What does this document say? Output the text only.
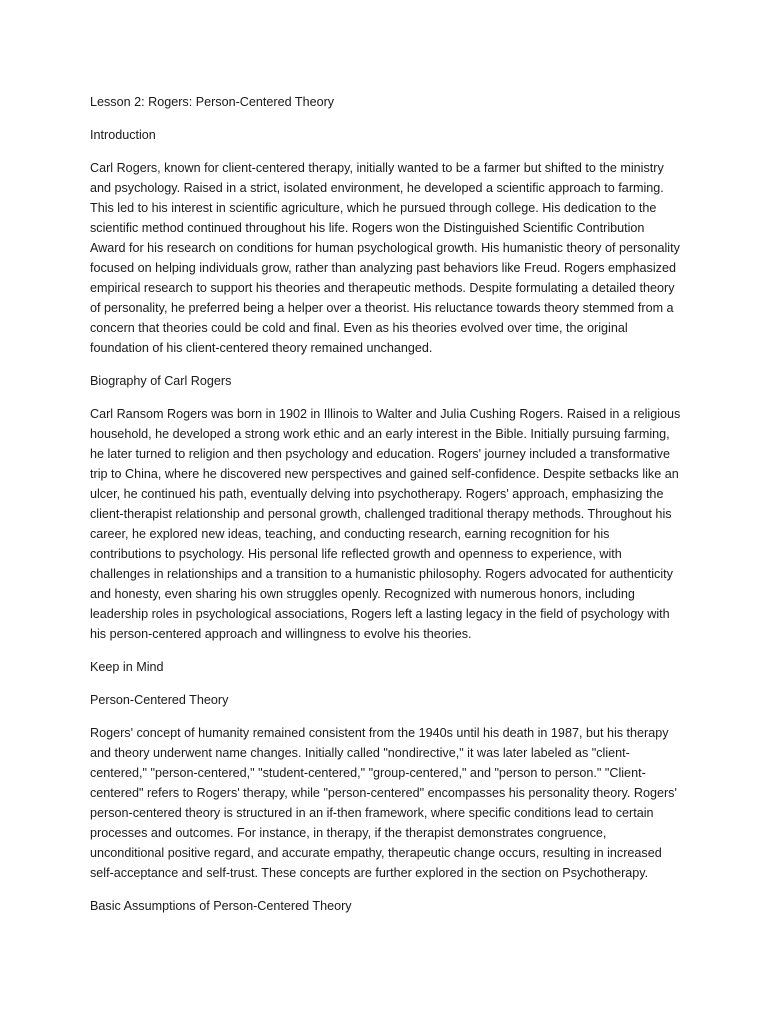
Lesson 2: Rogers: Person-Centered Theory

Introduction

Carl Rogers, known for client-centered therapy, initially wanted to be a farmer but shifted to the ministry and psychology. Raised in a strict, isolated environment, he developed a scientific approach to farming. This led to his interest in scientific agriculture, which he pursued through college. His dedication to the scientific method continued throughout his life. Rogers won the Distinguished Scientific Contribution Award for his research on conditions for human psychological growth. His humanistic theory of personality focused on helping individuals grow, rather than analyzing past behaviors like Freud. Rogers emphasized empirical research to support his theories and therapeutic methods. Despite formulating a detailed theory of personality, he preferred being a helper over a theorist. His reluctance towards theory stemmed from a concern that theories could be cold and final. Even as his theories evolved over time, the original foundation of his client-centered theory remained unchanged.

Biography of Carl Rogers

Carl Ransom Rogers was born in 1902 in Illinois to Walter and Julia Cushing Rogers. Raised in a religious household, he developed a strong work ethic and an early interest in the Bible. Initially pursuing farming, he later turned to religion and then psychology and education. Rogers' journey included a transformative trip to China, where he discovered new perspectives and gained self-confidence. Despite setbacks like an ulcer, he continued his path, eventually delving into psychotherapy. Rogers' approach, emphasizing the client-therapist relationship and personal growth, challenged traditional therapy methods. Throughout his career, he explored new ideas, teaching, and conducting research, earning recognition for his contributions to psychology. His personal life reflected growth and openness to experience, with challenges in relationships and a transition to a humanistic philosophy. Rogers advocated for authenticity and honesty, even sharing his own struggles openly. Recognized with numerous honors, including leadership roles in psychological associations, Rogers left a lasting legacy in the field of psychology with his person-centered approach and willingness to evolve his theories.

Keep in Mind

Person-Centered Theory

Rogers' concept of humanity remained consistent from the 1940s until his death in 1987, but his therapy and theory underwent name changes. Initially called "nondirective," it was later labeled as "client-centered," "person-centered," "student-centered," "group-centered," and "person to person." "Client-centered" refers to Rogers' therapy, while "person-centered" encompasses his personality theory. Rogers' person-centered theory is structured in an if-then framework, where specific conditions lead to certain processes and outcomes. For instance, in therapy, if the therapist demonstrates congruence, unconditional positive regard, and accurate empathy, therapeutic change occurs, resulting in increased self-acceptance and self-trust. These concepts are further explored in the section on Psychotherapy.

Basic Assumptions of Person-Centered Theory
